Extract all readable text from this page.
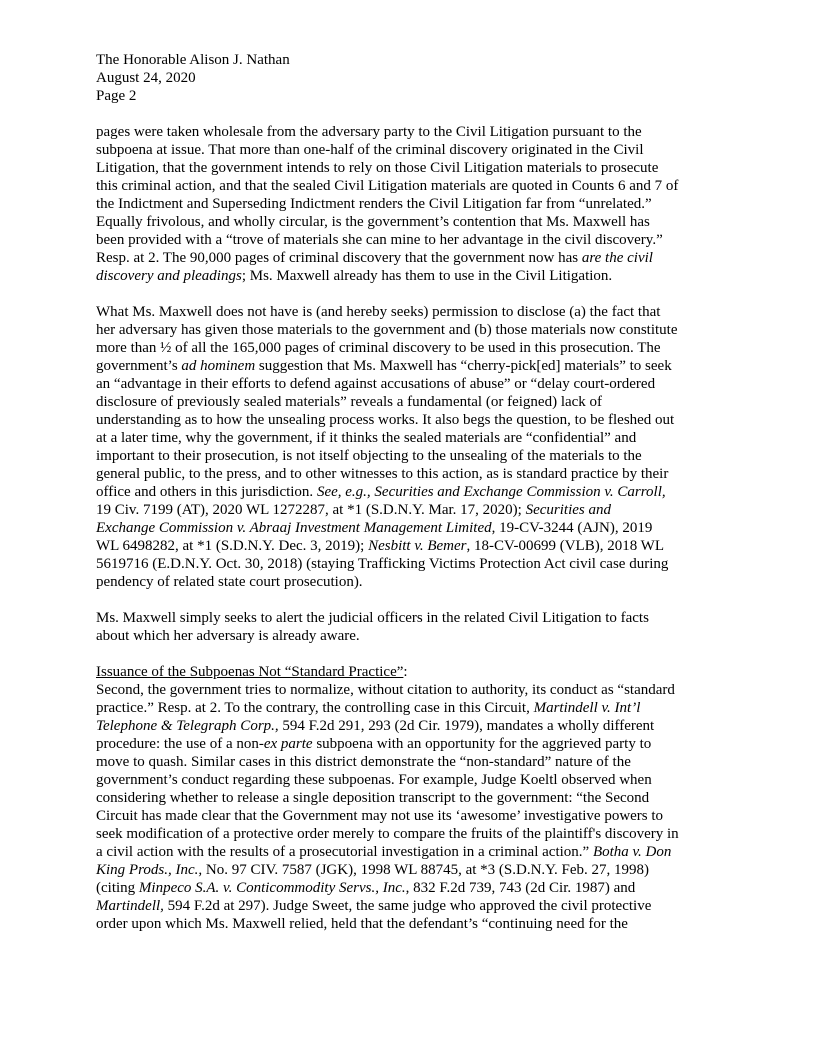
The Honorable Alison J. Nathan
August 24, 2020
Page 2
pages were taken wholesale from the adversary party to the Civil Litigation pursuant to the
subpoena at issue. That more than one-half of the criminal discovery originated in the Civil
Litigation, that the government intends to rely on those Civil Litigation materials to prosecute
this criminal action, and that the sealed Civil Litigation materials are quoted in Counts 6 and 7 of
the Indictment and Superseding Indictment renders the Civil Litigation far from “unrelated.”
Equally frivolous, and wholly circular, is the government’s contention that Ms. Maxwell has
been provided with a “trove of materials she can mine to her advantage in the civil discovery.”
Resp. at 2. The 90,000 pages of criminal discovery that the government now has are the civil
discovery and pleadings; Ms. Maxwell already has them to use in the Civil Litigation.
What Ms. Maxwell does not have is (and hereby seeks) permission to disclose (a) the fact that
her adversary has given those materials to the government and (b) those materials now constitute
more than ½ of all the 165,000 pages of criminal discovery to be used in this prosecution. The
government’s ad hominem suggestion that Ms. Maxwell has “cherry-pick[ed] materials” to seek
an “advantage in their efforts to defend against accusations of abuse” or “delay court-ordered
disclosure of previously sealed materials” reveals a fundamental (or feigned) lack of
understanding as to how the unsealing process works. It also begs the question, to be fleshed out
at a later time, why the government, if it thinks the sealed materials are “confidential” and
important to their prosecution, is not itself objecting to the unsealing of the materials to the
general public, to the press, and to other witnesses to this action, as is standard practice by their
office and others in this jurisdiction. See, e.g., Securities and Exchange Commission v. Carroll,
19 Civ. 7199 (AT), 2020 WL 1272287, at *1 (S.D.N.Y. Mar. 17, 2020); Securities and
Exchange Commission v. Abraaj Investment Management Limited, 19-CV-3244 (AJN), 2019
WL 6498282, at *1 (S.D.N.Y. Dec. 3, 2019); Nesbitt v. Bemer, 18-CV-00699 (VLB), 2018 WL
5619716 (E.D.N.Y. Oct. 30, 2018) (staying Trafficking Victims Protection Act civil case during
pendency of related state court prosecution).
Ms. Maxwell simply seeks to alert the judicial officers in the related Civil Litigation to facts
about which her adversary is already aware.
Issuance of the Subpoenas Not “Standard Practice”:
Second, the government tries to normalize, without citation to authority, its conduct as “standard
practice.” Resp. at 2. To the contrary, the controlling case in this Circuit, Martindell v. Int’l
Telephone & Telegraph Corp., 594 F.2d 291, 293 (2d Cir. 1979), mandates a wholly different
procedure: the use of a non-ex parte subpoena with an opportunity for the aggrieved party to
move to quash. Similar cases in this district demonstrate the “non-standard” nature of the
government’s conduct regarding these subpoenas. For example, Judge Koeltl observed when
considering whether to release a single deposition transcript to the government: “the Second
Circuit has made clear that the Government may not use its ‘awesome’ investigative powers to
seek modification of a protective order merely to compare the fruits of the plaintiff's discovery in
a civil action with the results of a prosecutorial investigation in a criminal action.” Botha v. Don
King Prods., Inc., No. 97 CIV. 7587 (JGK), 1998 WL 88745, at *3 (S.D.N.Y. Feb. 27, 1998)
(citing Minpeco S.A. v. Conticommodity Servs., Inc., 832 F.2d 739, 743 (2d Cir. 1987) and
Martindell, 594 F.2d at 297). Judge Sweet, the same judge who approved the civil protective
order upon which Ms. Maxwell relied, held that the defendant’s “continuing need for the
